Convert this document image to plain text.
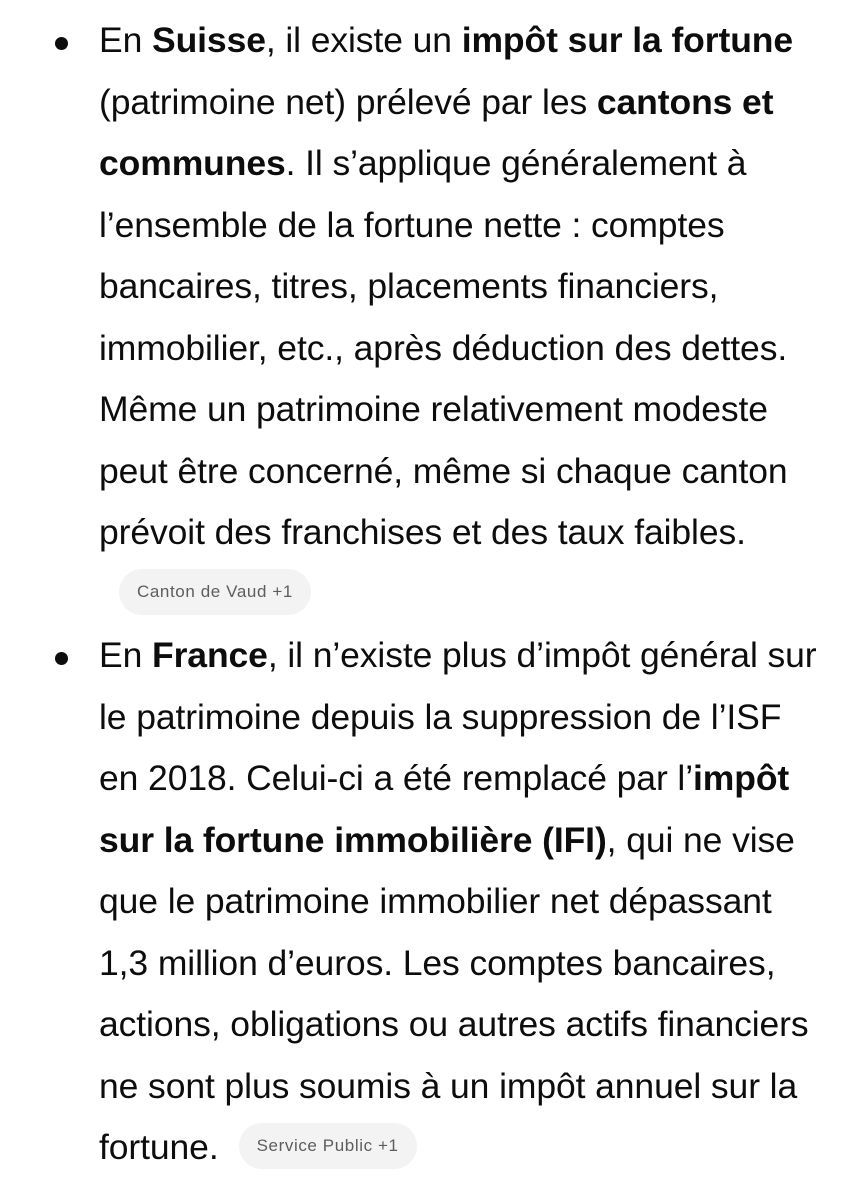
En Suisse, il existe un impôt sur la fortune (patrimoine net) prélevé par les cantons et communes. Il s’applique généralement à l’ensemble de la fortune nette : comptes bancaires, titres, placements financiers, immobilier, etc., après déduction des dettes. Même un patrimoine relativement modeste peut être concerné, même si chaque canton prévoit des franchises et des taux faibles.Canton de Vaud +1
En France, il n’existe plus d’impôt général sur le patrimoine depuis la suppression de l’ISF en 2018. Celui-ci a été remplacé par l’impôt sur la fortune immobilière (IFI), qui ne vise que le patrimoine immobilier net dépassant 1,3 million d’euros. Les comptes bancaires, actions, obligations ou autres actifs financiers ne sont plus soumis à un impôt annuel sur la fortune. Service Public +1
